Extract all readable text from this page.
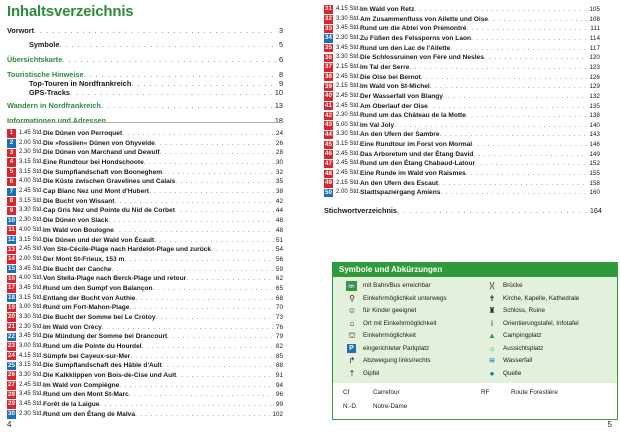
Inhaltsverzeichnis
Vorwort . . .	3
Symbole . . .	5
Übersichtskarte . . .	6
Touristische Hinweise . . .	8
Top-Touren in Nordfrankreich . . .	9
GPS-Tracks . . .	10
Wandern in Nordfrankreich . . .	13
Informationen und Adressen . . .	18
1 1.45 Std. Die Dünen von Perroquet . . .	24
2 2.00 Std. Die »fossilen« Dünen von Ghyvelde . . .	26
3 2.30 Std. Die Dünen von Marchand und Dewulf . . .	28
4 3.15 Std. Eine Rundtour bei Hondschoote . . .	30
5 3.15 Std. Die Sumpflandschaft von Booneghem . . .	32
6 4.00 Std. Die Küste zwischen Gravelines und Calais . . .	35
7 2.45 Std. Cap Blanc Nez und Mont d'Hubert . . .	38
8 3.15 Std. Die Bucht von Wissant . . .	42
9 3.30 Std. Cap Gris Nez und Pointe du Nid de Corbet . . .	44
10 2.30 Std. Die Dünen von Slack . . .	48
11 4.00 Std. Im Wald von Boulogne . . .	48
12 3.15 Std. Die Dünen und der Wald von Écault . . .	51
13 2.45 Std. Von Ste-Cécile-Plage nach Hardelot-Plage und zurück . . .	54
14 2.00 Std. Der Mont St-Frieux, 153 m . . .	56
15 3.45 Std. Die Bucht der Canche . . .	59
16 4.00 Std. Von Stella-Plage nach Berck-Plage und retour . . .	62
17 3.45 Std. Rund um den Sumpf von Balançon . . .	65
18 3.15 Std. Entlang der Bucht von Authie . . .	68
19 3.00 Std. Rund um Fort-Mahon-Plage . . .	70
20 3.30 Std. Die Bucht der Somme bei Le Crotoy . . .	73
21 2.30 Std. Im Wald von Crécy . . .	76
22 3.45 Std. Die Mündung der Somme bei Drancourt . . .	79
23 3.00 Std. Rund um die Pointe du Hourdel . . .	82
24 4.15 Std. Sümpfe bei Cayeux-sur-Mer . . .	85
25 3.15 Std. Die Sumpflandschaft des Hâble d'Ault . . .	88
26 3.30 Std. Die Kalkklippen von Bois-de-Cise und Ault . . .	91
27 2.45 Std. Im Wald von Compiègne . . .	94
28 3.45 Std. Rund um den Mont St-Marc . . .	96
29 3.45 Std. Forêt de la Laigue . . .	99
30 2.30 Std. Rund um den Étang de Malva . . .	102
4
31 4.15 Std. Im Wald von Retz . . .	105
32 3.30 Std. Am Zusammenfluss von Ailette und Oise . . .	108
33 3.45 Std. Rund um die Abtei von Prémontré . . .	111
34 2.30 Std. Zu Füßen des Felssporns von Laon . . .	114
35 3.45 Std. Rund um den Lac de l'Ailette . . .	117
36 3.30 Std. Die Schlossruinen von Fère und Nesles . . .	120
37 2.15 Std. Im Tal der Serre . . .	123
38 2.45 Std. Die Oise bei Bernot . . .	126
39 2.15 Std. Im Wald von St-Michel . . .	129
40 2.45 Std. Der Wasserfall von Blangy . . .	132
41 2.45 Std. Am Oberlauf der Oise . . .	135
42 2.30 Std. Rund um das Château de la Motte . . .	138
43 5.00 Std. Im Val Joly . . .	140
44 3.30 Std. An den Ufern der Sambre . . .	143
45 3.15 Std. Eine Rundtour im Forst von Mormal . . .	146
46 2.45 Std. Das Arboretum und der Étang David . . .	149
47 2.45 Std. Rund um den Étang Chabaud-Latour . . .	152
48 2.45 Std. Eine Runde im Wald von Raismes . . .	155
49 2.15 Std. An den Ufern des Escaut . . .	158
50 2.00 Std. Stadtspaziergang Amiens . . .	160
Stichwortverzeichnis . . .	164
Symbole und Abkürzungen
🚌 mit Bahn/Bus erreichbar
⚲	Einkehrmöglichkeit unterwegs
☺	für Kinder geeignet
⌂	Ort mit Einkehrmöglichkeit
⛫	Einkehrmöglichkeit
P	eingerichteter Parkplatz
↱	Abzweigung links/rechts
†	Gipfel
)(	Brücke
✝	Kirche, Kapelle, Kathedrale
♜	Schloss, Ruine
i	Orientierungstafel, Infotafel
▲	Campingplatz
☼	Aussichtsplatz
≋	Wasserfall
●	Quelle
Cf	Carrefour	RF	Route Forestière
N.-D. Notre-Dame
5
